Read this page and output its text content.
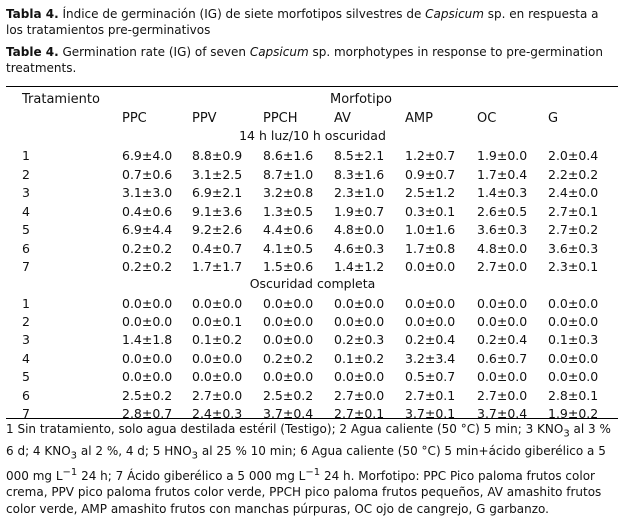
Tabla 4. Índice de germinación (IG) de siete morfotipos silvestres de Capsicum sp. en respuesta a los tratamientos pre-germinativos
Table 4. Germination rate (IG) of seven Capsicum sp. morphotypes in response to pre-germination treatments.
Tratamiento	Morfotipo
PPC	PPV	PPCH	AV	AMP	OC	G
14 h luz/10 h oscuridad
1	6.9±4.0 8.8±0.9 8.6±1.6 8.5±2.1 1.2±0.7 1.9±0.0 2.0±0.4
2	0.7±0.6 3.1±2.5 8.7±1.0 8.3±1.6 0.9±0.7 1.7±0.4 2.2±0.2
3	3.1±3.0 6.9±2.1 3.2±0.8 2.3±1.0 2.5±1.2 1.4±0.3 2.4±0.0
4	0.4±0.6 9.1±3.6 1.3±0.5 1.9±0.7 0.3±0.1 2.6±0.5 2.7±0.1
5	6.9±4.4 9.2±2.6 4.4±0.6 4.8±0.0 1.0±1.6 3.6±0.3 2.7±0.2
6	0.2±0.2 0.4±0.7 4.1±0.5 4.6±0.3 1.7±0.8 4.8±0.0 3.6±0.3
7	0.2±0.2 1.7±1.7 1.5±0.6 1.4±1.2 0.0±0.0 2.7±0.0 2.3±0.1
Oscuridad completa
1	0.0±0.0 0.0±0.0 0.0±0.0 0.0±0.0 0.0±0.0 0.0±0.0 0.0±0.0
2	0.0±0.0 0.0±0.1 0.0±0.0 0.0±0.0 0.0±0.0 0.0±0.0 0.0±0.0
3	1.4±1.8 0.1±0.2 0.0±0.0 0.2±0.3 0.2±0.4 0.2±0.4 0.1±0.3
4	0.0±0.0 0.0±0.0 0.2±0.2 0.1±0.2 3.2±3.4 0.6±0.7 0.0±0.0
5	0.0±0.0 0.0±0.0 0.0±0.0 0.0±0.0 0.5±0.7 0.0±0.0 0.0±0.0
6	2.5±0.2 2.7±0.0 2.5±0.2 2.7±0.0 2.7±0.1 2.7±0.0 2.8±0.1
7	2.8±0.7 2.4±0.3 3.7±0.4 2.7±0.1 3.7±0.1 3.7±0.4 1.9±0.2
1 Sin tratamiento, solo agua destilada estéril (Testigo); 2 Agua caliente (50 °C) 5 min; 3 $KNO_3$ al 3 % 6 d; 4 $KNO_3$ al 2 %, 4 d; 5 $HNO_3$ al 25 % 10 min; 6 Agua caliente (50 °C) 5 min+ácido giberélico a 5 000 mg $L^{-1}$ 24 h; 7 Ácido giberélico a 5 000 mg $L^{-1}$ 24 h. Morfotipo: PPC Pico paloma frutos color crema, PPV pico paloma frutos color verde, PPCH pico paloma frutos pequeños, AV amashito frutos color verde, AMP amashito frutos con manchas púrpuras, OC ojo de cangrejo, G garbanzo.
